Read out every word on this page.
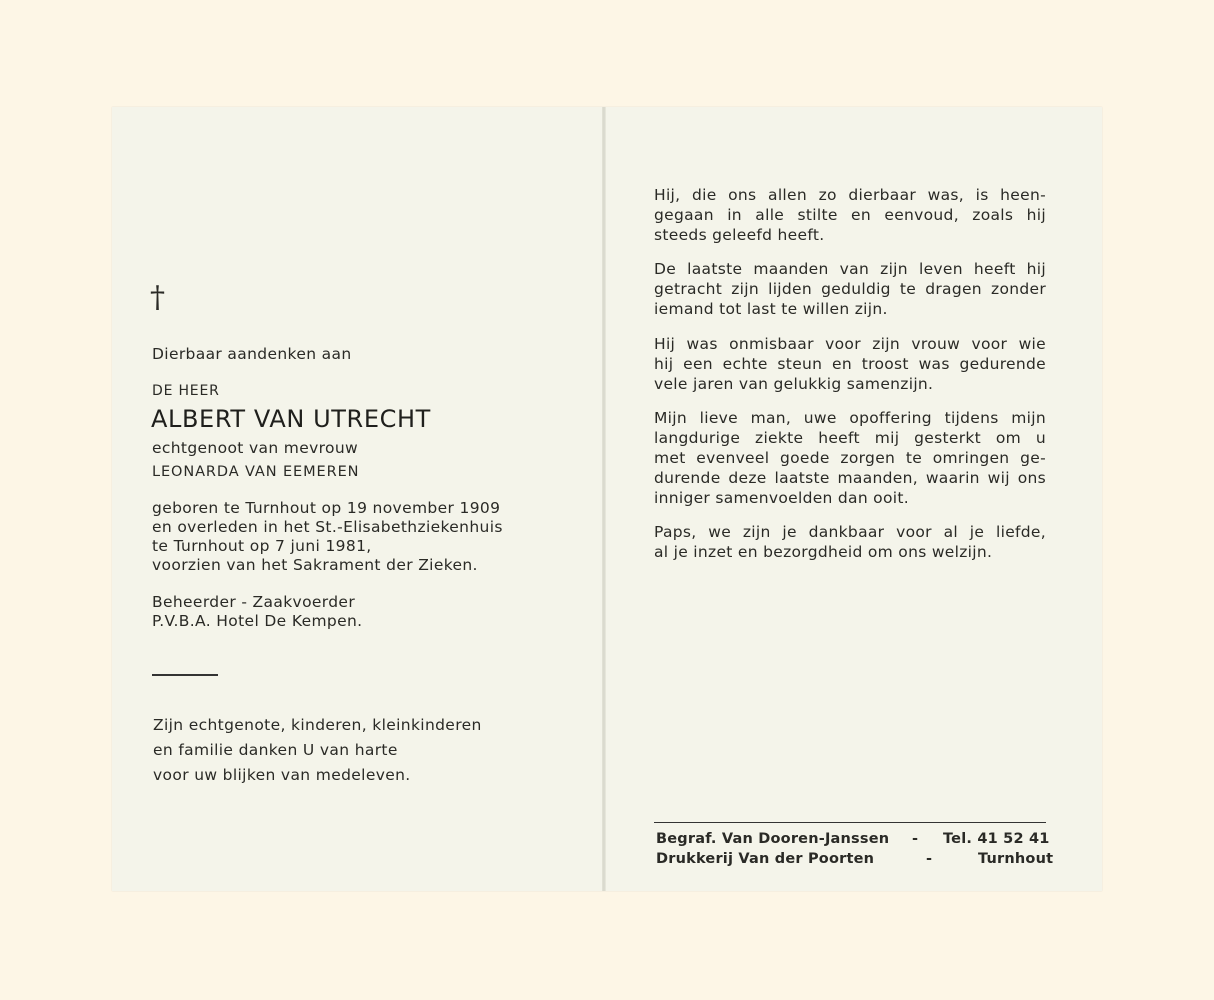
†
Dierbaar aandenken aan
DE HEER
ALBERT VAN UTRECHT
echtgenoot van mevrouw
LEONARDA VAN EEMEREN
geboren te Turnhout op 19 november 1909
en overleden in het St.-Elisabethziekenhuis
te Turnhout op 7 juni 1981,
voorzien van het Sakrament der Zieken.
Beheerder - Zaakvoerder
P.V.B.A. Hotel De Kempen.
Zijn echtgenote, kinderen, kleinkinderen
en familie danken U van harte
voor uw blijken van medeleven.

Hij, die ons allen zo dierbaar was, is heen-
gegaan in alle stilte en eenvoud, zoals hij
steeds geleefd heeft.

De laatste maanden van zijn leven heeft hij
getracht zijn lijden geduldig te dragen zonder
iemand tot last te willen zijn.

Hij was onmisbaar voor zijn vrouw voor wie
hij een echte steun en troost was gedurende
vele jaren van gelukkig samenzijn.

Mijn lieve man, uwe opoffering tijdens mijn
langdurige ziekte heeft mij gesterkt om u
met evenveel goede zorgen te omringen ge-
durende deze laatste maanden, waarin wij ons
inniger samenvoelden dan ooit.

Paps, we zijn je dankbaar voor al je liefde,
al je inzet en bezorgdheid om ons welzijn.

Begraf. Van Dooren-Janssen - Tel. 41 52 41
Drukkerij Van der Poorten	-	Turnhout
